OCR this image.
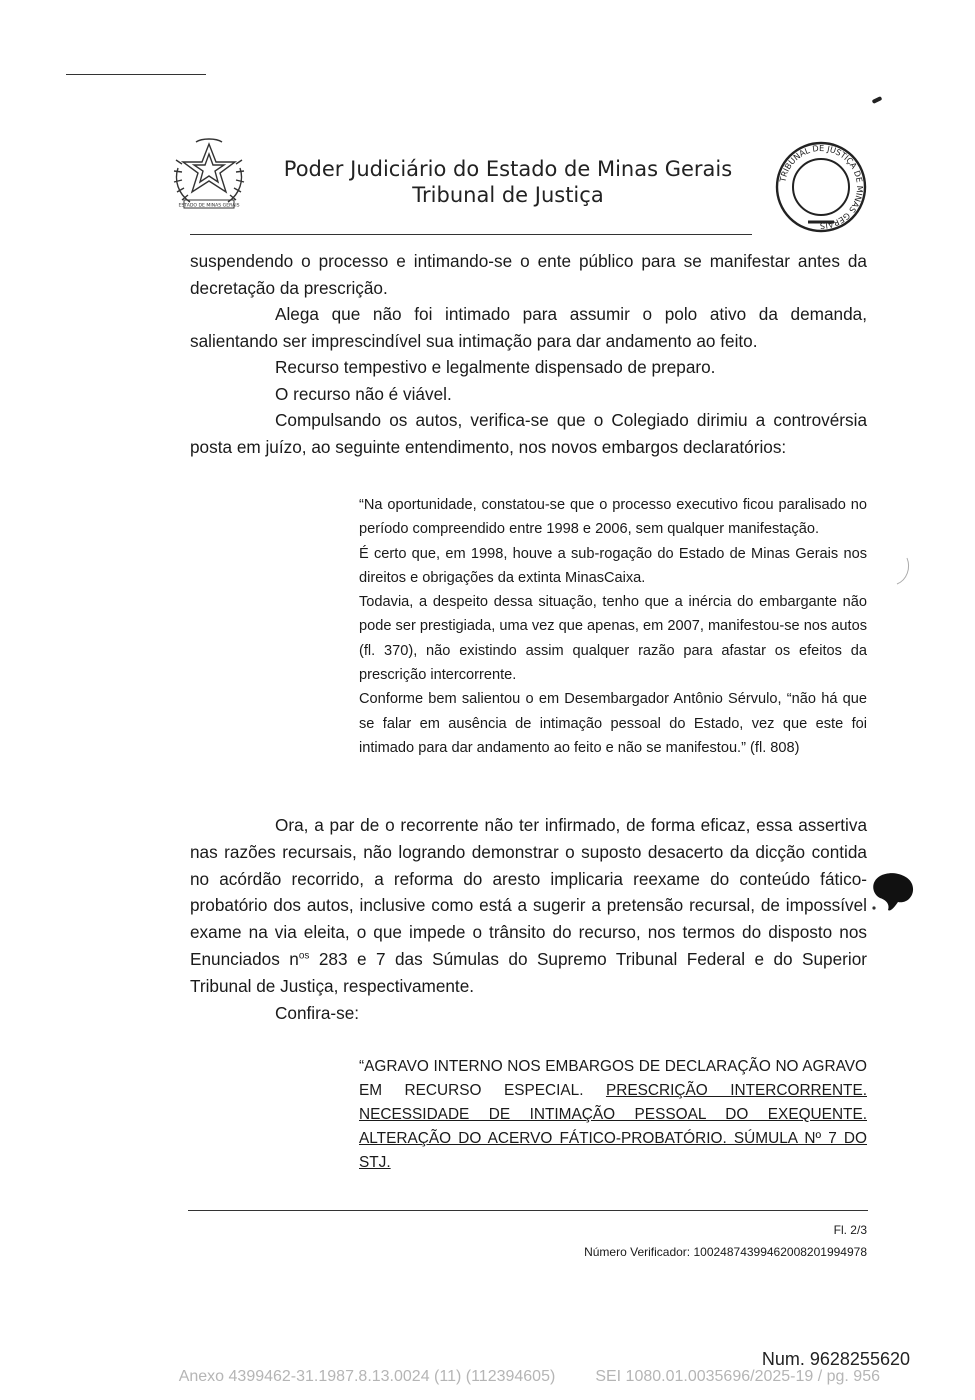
ESTADO DE MINAS GERAIS
Poder Judiciário do Estado de Minas Gerais
Tribunal de Justiça
TRIBUNAL DE JUSTIÇA DE MINAS GERAIS

suspendendo o processo e intimando-se o ente público para se manifestar antes da decretação da prescrição.

Alega que não foi intimado para assumir o polo ativo da demanda, salientando ser imprescindível sua intimação para dar andamento ao feito.

Recurso tempestivo e legalmente dispensado de preparo.

O recurso não é viável.

Compulsando os autos, verifica-se que o Colegiado dirimiu a controvérsia posta em juízo, ao seguinte entendimento, nos novos embargos declaratórios:

“Na oportunidade, constatou-se que o processo executivo ficou paralisado no período compreendido entre 1998 e 2006, sem qualquer manifestação.

É certo que, em 1998, houve a sub-rogação do Estado de Minas Gerais nos direitos e obrigações da extinta MinasCaixa.

Todavia, a despeito dessa situação, tenho que a inércia do embargante não pode ser prestigiada, uma vez que apenas, em 2007, manifestou-se nos autos (fl. 370), não existindo assim qualquer razão para afastar os efeitos da prescrição intercorrente.

Conforme bem salientou o em Desembargador Antônio Sérvulo, “não há que se falar em ausência de intimação pessoal do Estado, vez que este foi intimado para dar andamento ao feito e não se manifestou.” (fl. 808)

Ora, a par de o recorrente não ter infirmado, de forma eficaz, essa assertiva nas razões recursais, não logrando demonstrar o suposto desacerto da dicção contida no acórdão recorrido, a reforma do aresto implicaria reexame do conteúdo fático-probatório dos autos, inclusive como está a sugerir a pretensão recursal, de impossível exame na via eleita, o que impede o trânsito do recurso, nos termos do disposto nos Enunciados $n^{os}$ 283 e 7 das Súmulas do Supremo Tribunal Federal e do Superior Tribunal de Justiça, respectivamente.

Confira-se:

“AGRAVO INTERNO NOS EMBARGOS DE DECLARAÇÃO NO AGRAVO EM RECURSO ESPECIAL. PRESCRIÇÃO INTERCORRENTE. NECESSIDADE DE INTIMAÇÃO PESSOAL DO EXEQUENTE. ALTERAÇÃO DO ACERVO FÁTICO-PROBATÓRIO. SÚMULA Nº 7 DO STJ.

Fl. 2/3
Número Verificador: 10024874399462008201994978
Num. 9628255620
Anexo 4399462-31.1987.8.13.0024 (11) (112394605)	SEI 1080.01.0035696/2025-19 / pg. 956
